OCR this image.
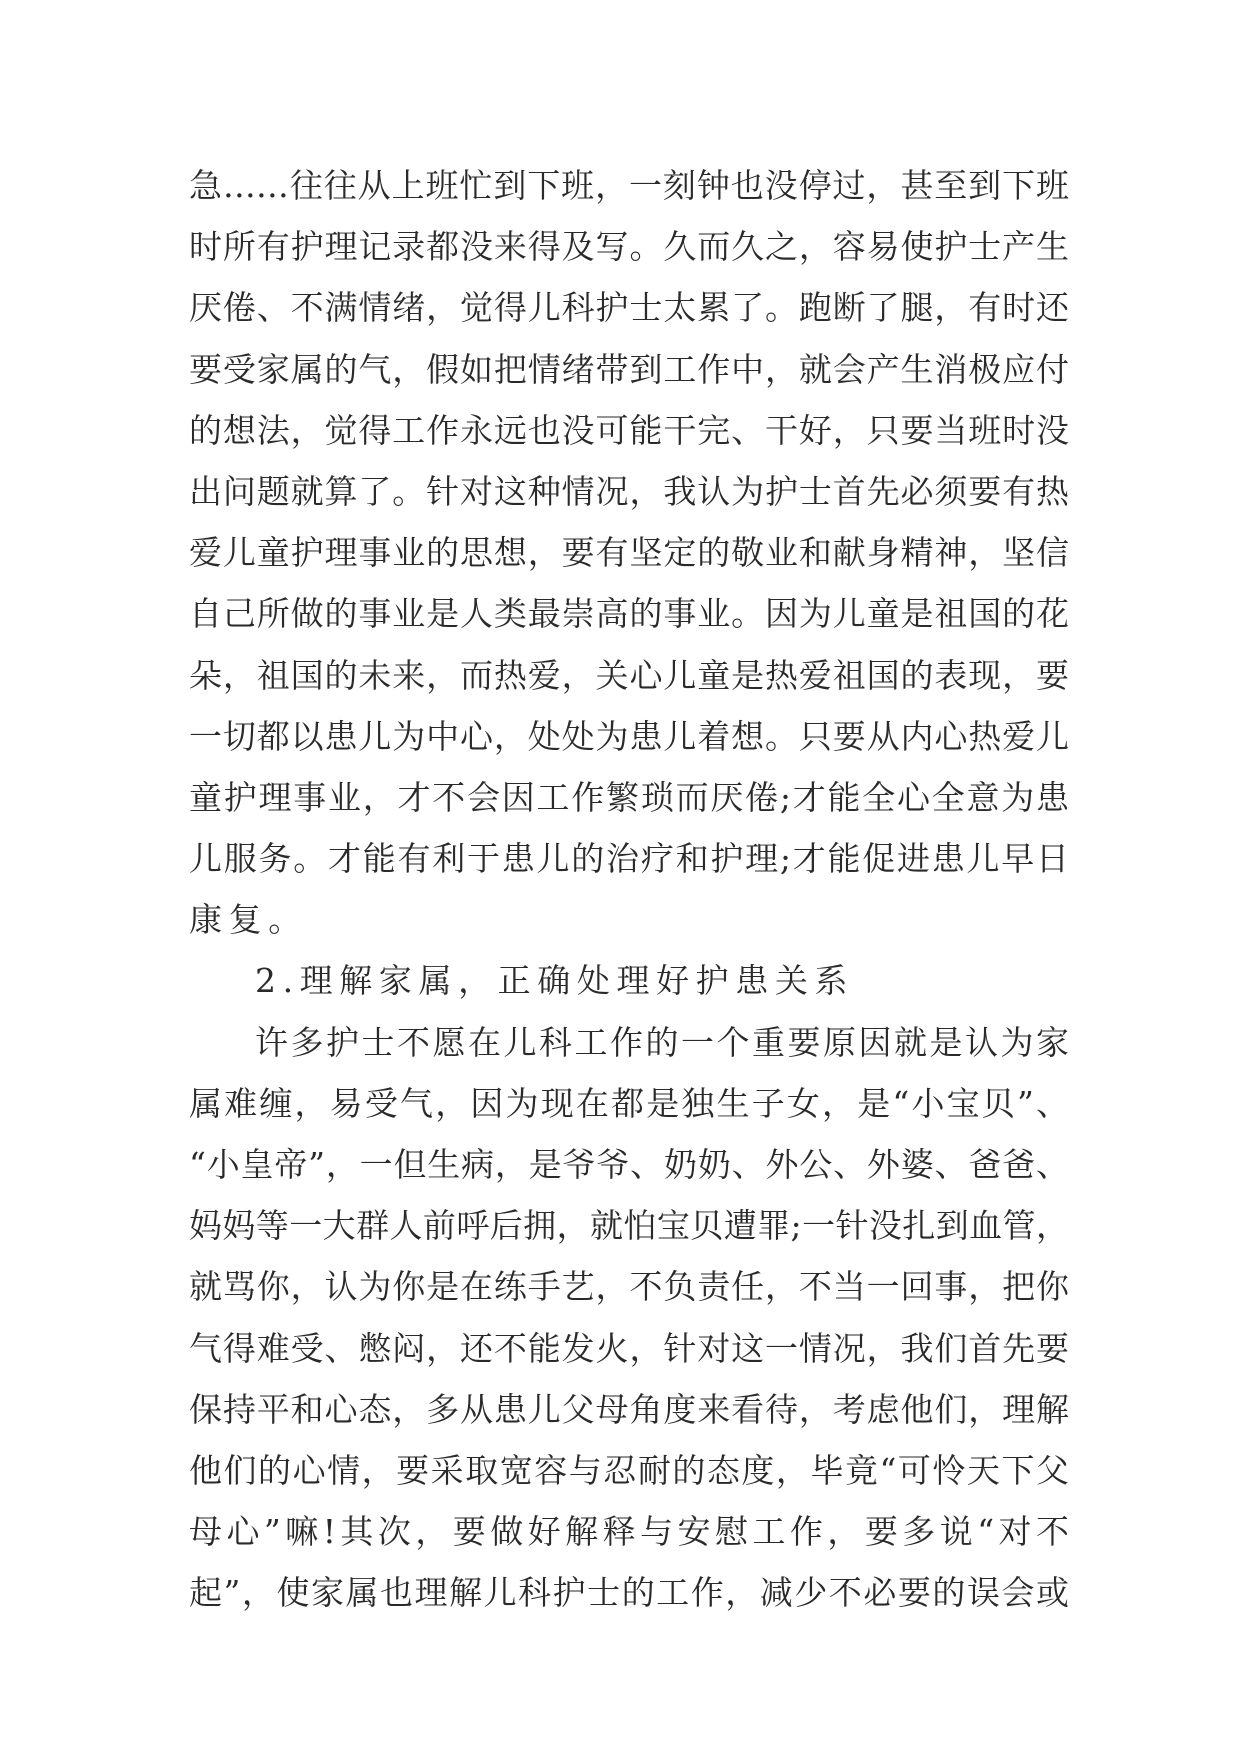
急……往往从上班忙到下班，一刻钟也没停过，甚至到下班
时所有护理记录都没来得及写。久而久之，容易使护士产生
厌倦、不满情绪，觉得儿科护士太累了。跑断了腿，有时还
要受家属的气，假如把情绪带到工作中，就会产生消极应付
的想法，觉得工作永远也没可能干完、干好，只要当班时没
出问题就算了。针对这种情况，我认为护士首先必须要有热
爱儿童护理事业的思想，要有坚定的敬业和献身精神，坚信
自己所做的事业是人类最崇高的事业。因为儿童是祖国的花
朵，祖国的未来，而热爱，关心儿童是热爱祖国的表现，要
一切都以患儿为中心，处处为患儿着想。只要从内心热爱儿
童护理事业，才不会因工作繁琐而厌倦;才能全心全意为患
儿服务。才能有利于患儿的治疗和护理;才能促进患儿早日
康复。
2.理解家属，正确处理好护患关系
许多护士不愿在儿科工作的一个重要原因就是认为家
属难缠，易受气，因为现在都是独生子女，是“小宝贝”、
“小皇帝”，一但生病，是爷爷、奶奶、外公、外婆、爸爸、
妈妈等一大群人前呼后拥，就怕宝贝遭罪;一针没扎到血管，
就骂你，认为你是在练手艺，不负责任，不当一回事，把你
气得难受、憋闷，还不能发火，针对这一情况，我们首先要
保持平和心态，多从患儿父母角度来看待，考虑他们，理解
他们的心情，要采取宽容与忍耐的态度，毕竟“可怜天下父
母心”嘛!其次，要做好解释与安慰工作，要多说“对不
起”，使家属也理解儿科护士的工作，减少不必要的误会或
